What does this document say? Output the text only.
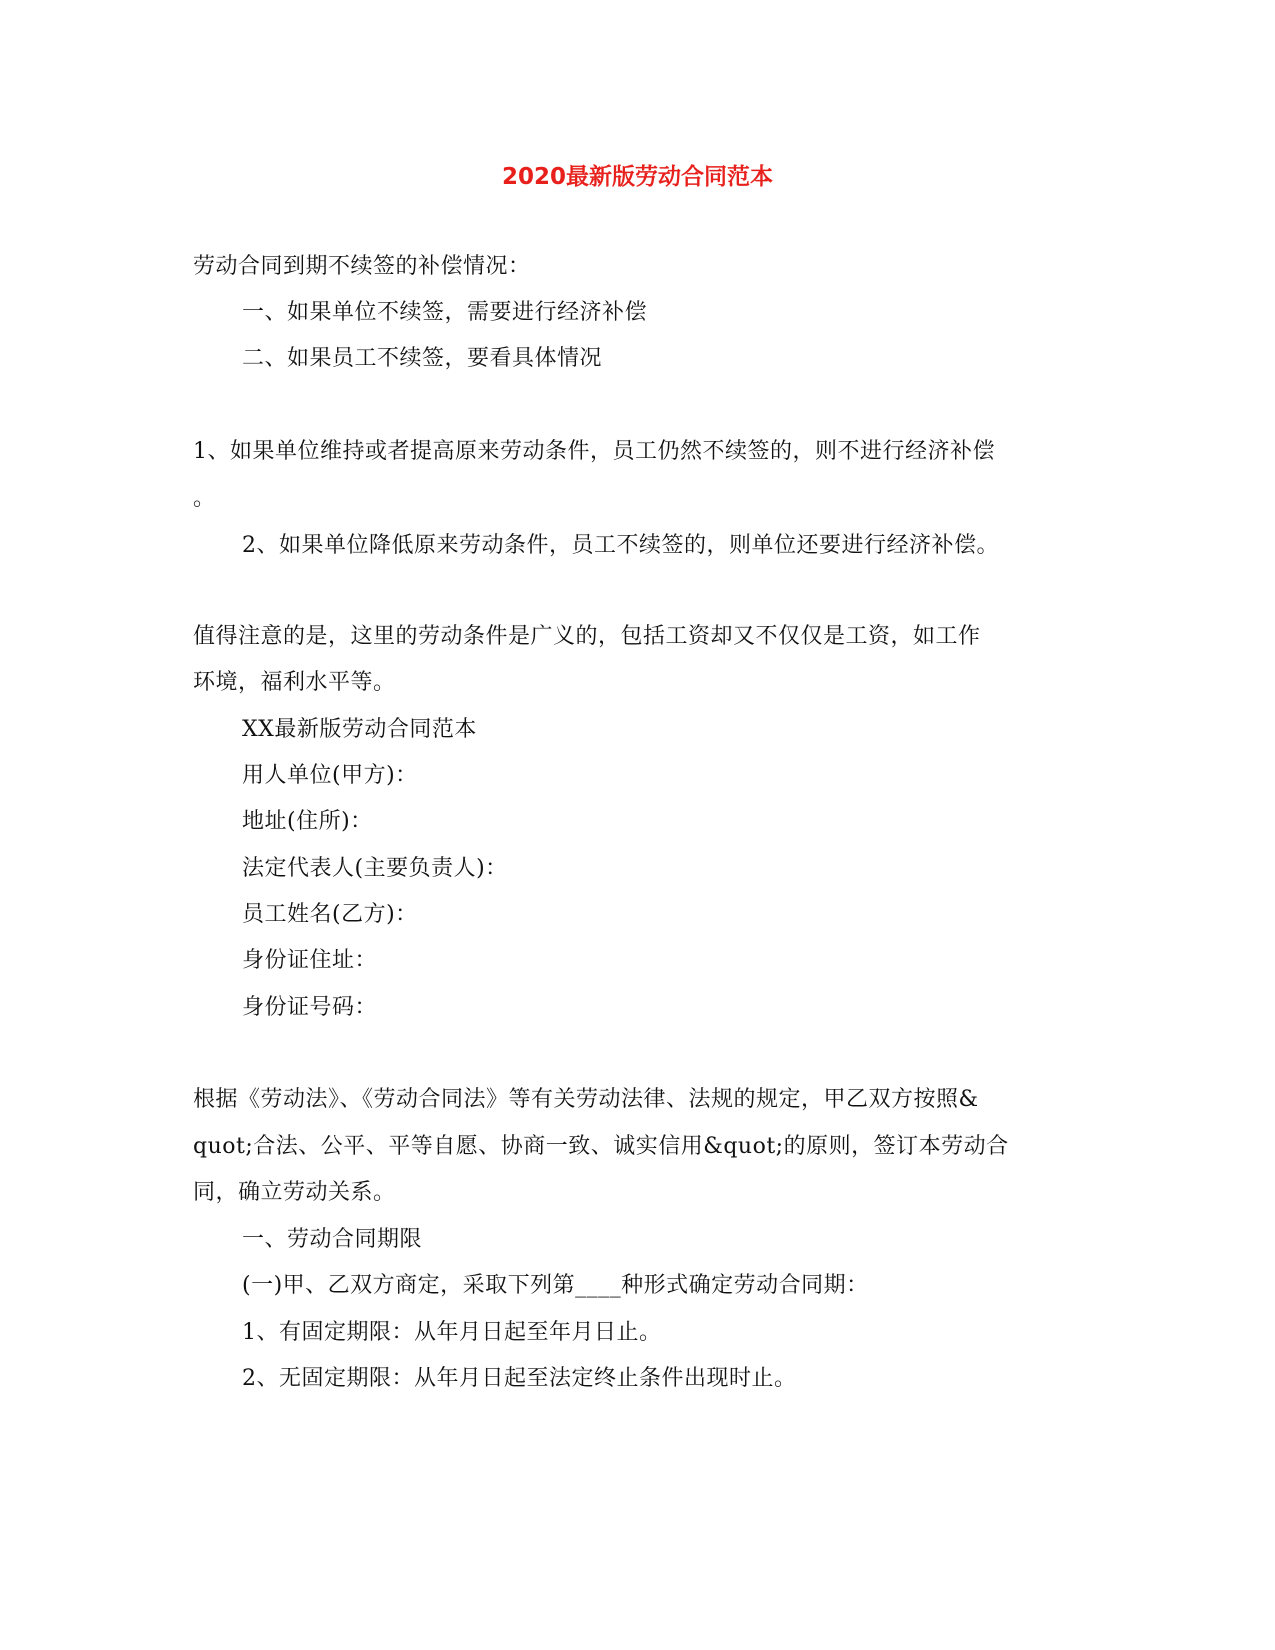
2020最新版劳动合同范本
劳动合同到期不续签的补偿情况：
一、如果单位不续签，需要进行经济补偿
二、如果员工不续签，要看具体情况
1、如果单位维持或者提高原来劳动条件，员工仍然不续签的，则不进行经济补偿
。
2、如果单位降低原来劳动条件，员工不续签的，则单位还要进行经济补偿。
值得注意的是，这里的劳动条件是广义的，包括工资却又不仅仅是工资，如工作
环境，福利水平等。
XX最新版劳动合同范本
用人单位(甲方)：
地址(住所)：
法定代表人(主要负责人)：
员工姓名(乙方)：
身份证住址：
身份证号码：
根据《劳动法》、《劳动合同法》等有关劳动法律、法规的规定，甲乙双方按照&
quot;合法、公平、平等自愿、协商一致、诚实信用&quot;的原则，签订本劳动合
同，确立劳动关系。
一、劳动合同期限
(一)甲、乙双方商定，采取下列第____种形式确定劳动合同期：
1、有固定期限：从年月日起至年月日止。
2、无固定期限：从年月日起至法定终止条件出现时止。
